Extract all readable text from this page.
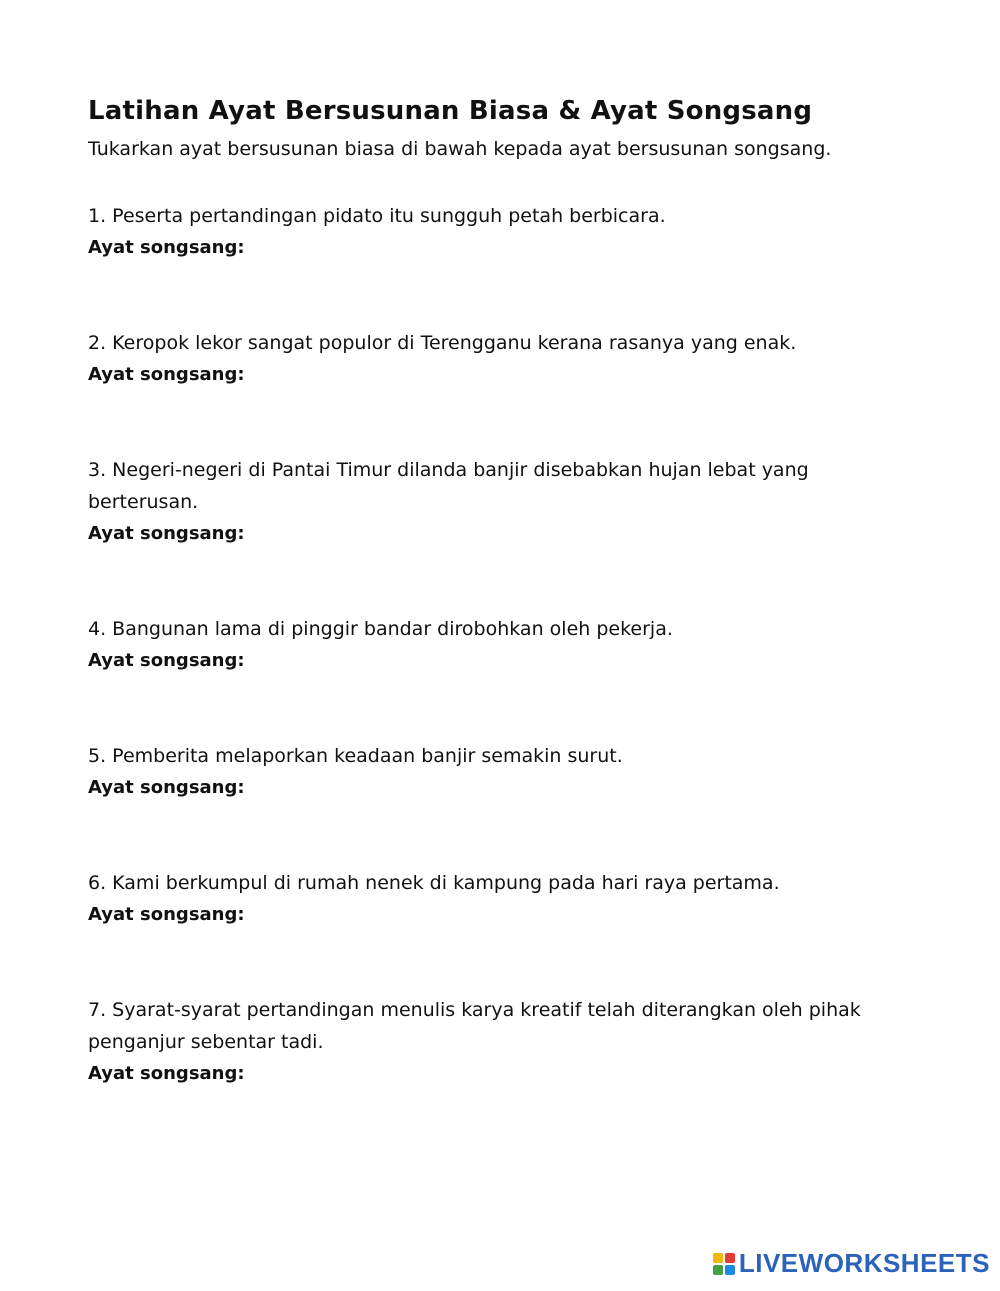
Latihan Ayat Bersusunan Biasa & Ayat Songsang

Tukarkan ayat bersusunan biasa di bawah kepada ayat bersusunan songsang.

1. Peserta pertandingan pidato itu sungguh petah berbicara.

Ayat songsang:

2. Keropok lekor sangat populor di Terengganu kerana rasanya yang enak.

Ayat songsang:

3. Negeri-negeri di Pantai Timur dilanda banjir disebabkan hujan lebat yang berterusan.

Ayat songsang:

4. Bangunan lama di pinggir bandar dirobohkan oleh pekerja.

Ayat songsang:

5. Pemberita melaporkan keadaan banjir semakin surut.

Ayat songsang:

6. Kami berkumpul di rumah nenek di kampung pada hari raya pertama.

Ayat songsang:

7. Syarat-syarat pertandingan menulis karya kreatif telah diterangkan oleh pihak penganjur sebentar tadi.

Ayat songsang:

LIVEWORKSHEETS
